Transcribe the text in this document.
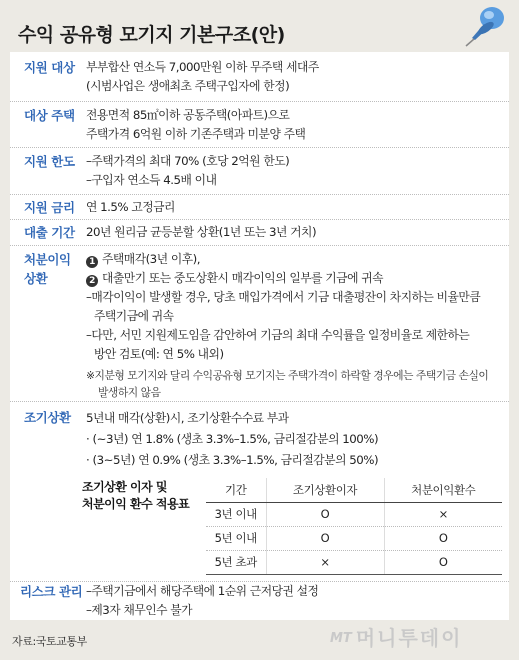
수익 공유형 모기지 기본구조(안)
지원 대상 부부합산 연소득 7,000만원 이하 무주택 세대주
(시범사업은 생애최초 주택구입자에 한정)
대상 주택 전용면적 85㎡이하 공동주택(아파트)으로
주택가격 6억원 이하 기존주택과 미분양 주택
지원 한도 –주택가격의 최대 70% (호당 2억원 한도)
–구입자 연소득 4.5배 이내
지원 금리 연 1.5% 고정금리
대출 기간 20년 원리금 균등분할 상환(1년 또는 3년 거치)
처분이익
상환
1 주택매각(3년 이후),
2 대출만기 또는 중도상환시 매각이익의 일부를 기금에 귀속
–매각이익이 발생할 경우, 당초 매입가격에서 기금 대출평잔이 차지하는 비율만큼
주택기금에 귀속
–다만, 서민 지원제도임을 감안하여 기금의 최대 수익률을 일정비율로 제한하는
방안 검토(예: 연 5% 내외)
※지분형 모기지와 달리 수익공유형 모기지는 주택가격이 하락할 경우에는 주택기금 손실이
발생하지 않음
조기상환 5년내 매각(상환)시, 조기상환수수료 부과
· (~3년) 연 1.8% (생초 3.3%–1.5%, 금리절감분의 100%)
· (3~5년) 연 0.9% (생초 3.3%–1.5%, 금리절감분의 50%)
조기상환 이자 및
처분이익 환수 적용표
기간	조기상환이자	처분이익환수
3년 이내	O	×
5년 이내	O	O
5년 초과	×	O
리스크 관리 –주택기금에서 해당주택에 1순위 근저당권 설정
–제3자 채무인수 불가
자료:국토교통부	MT 머니투데이
